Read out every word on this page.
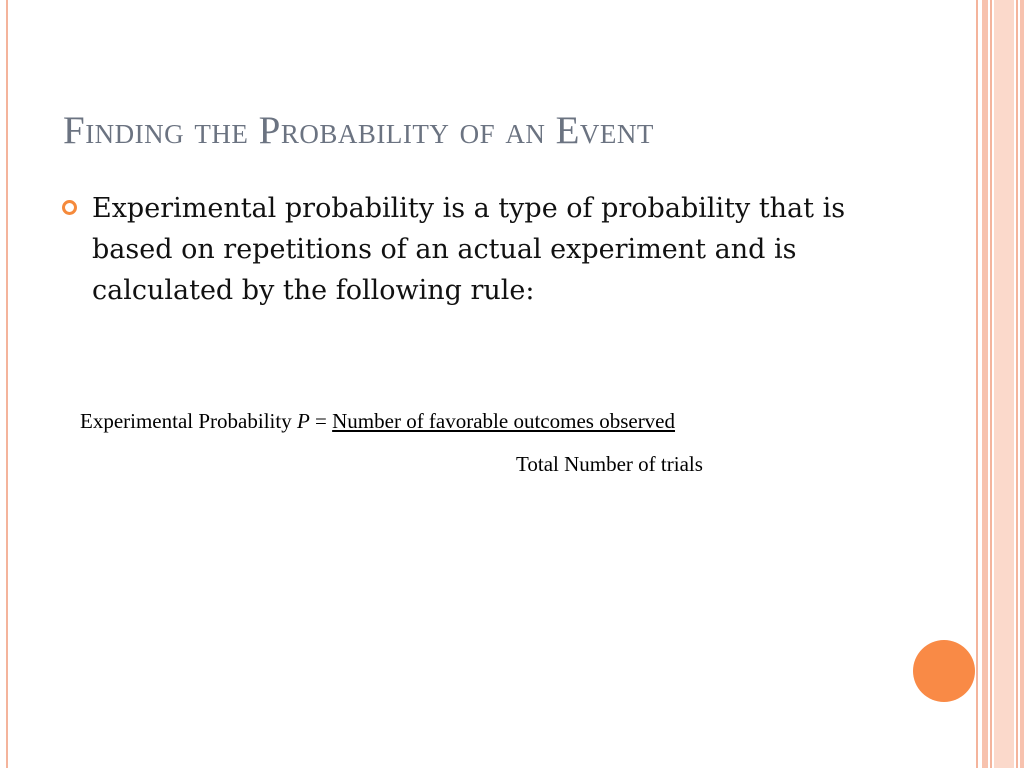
Finding the Probability of an Event
Experimental probability is a type of probability that is based on repetitions of an actual experiment and is calculated by the following rule:
Experimental Probability P = Number of favorable outcomes observed
Total Number of trials
